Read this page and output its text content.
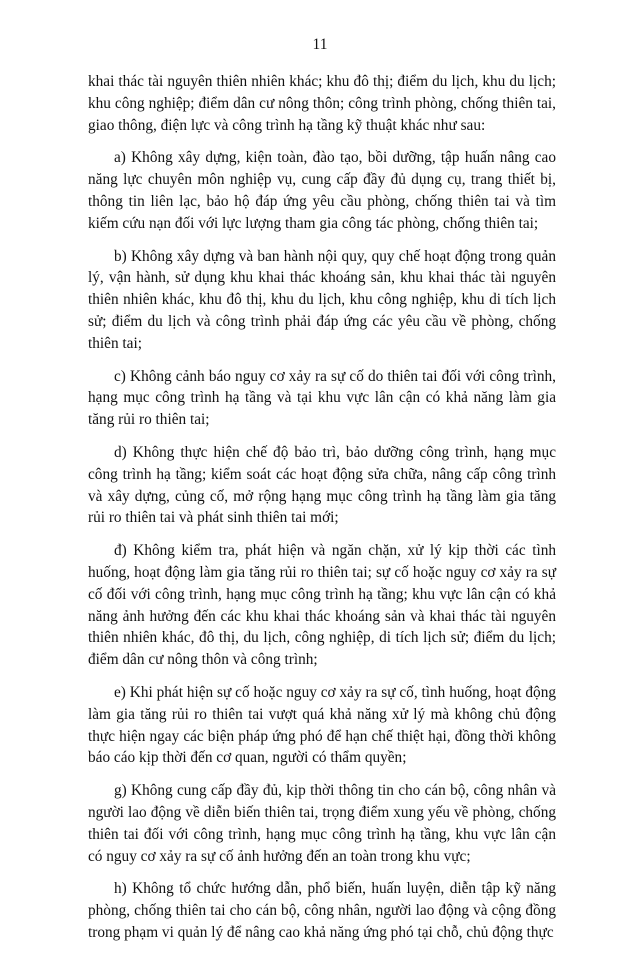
11

khai thác tài nguyên thiên nhiên khác; khu đô thị; điểm du lịch, khu du lịch; khu công nghiệp; điểm dân cư nông thôn; công trình phòng, chống thiên tai, giao thông, điện lực và công trình hạ tầng kỹ thuật khác như sau:

a) Không xây dựng, kiện toàn, đào tạo, bồi dưỡng, tập huấn nâng cao năng lực chuyên môn nghiệp vụ, cung cấp đầy đủ dụng cụ, trang thiết bị, thông tin liên lạc, bảo hộ đáp ứng yêu cầu phòng, chống thiên tai và tìm kiếm cứu nạn đối với lực lượng tham gia công tác phòng, chống thiên tai;

b) Không xây dựng và ban hành nội quy, quy chế hoạt động trong quản lý, vận hành, sử dụng khu khai thác khoáng sản, khu khai thác tài nguyên thiên nhiên khác, khu đô thị, khu du lịch, khu công nghiệp, khu di tích lịch sử; điểm du lịch và công trình phải đáp ứng các yêu cầu về phòng, chống thiên tai;

c) Không cảnh báo nguy cơ xảy ra sự cố do thiên tai đối với công trình, hạng mục công trình hạ tầng và tại khu vực lân cận có khả năng làm gia tăng rủi ro thiên tai;

d) Không thực hiện chế độ bảo trì, bảo dưỡng công trình, hạng mục công trình hạ tầng; kiểm soát các hoạt động sửa chữa, nâng cấp công trình và xây dựng, củng cố, mở rộng hạng mục công trình hạ tầng làm gia tăng rủi ro thiên tai và phát sinh thiên tai mới;

đ) Không kiểm tra, phát hiện và ngăn chặn, xử lý kịp thời các tình huống, hoạt động làm gia tăng rủi ro thiên tai; sự cố hoặc nguy cơ xảy ra sự cố đối với công trình, hạng mục công trình hạ tầng; khu vực lân cận có khả năng ảnh hưởng đến các khu khai thác khoáng sản và khai thác tài nguyên thiên nhiên khác, đô thị, du lịch, công nghiệp, di tích lịch sử; điểm du lịch; điểm dân cư nông thôn và công trình;

e) Khi phát hiện sự cố hoặc nguy cơ xảy ra sự cố, tình huống, hoạt động làm gia tăng rủi ro thiên tai vượt quá khả năng xử lý mà không chủ động thực hiện ngay các biện pháp ứng phó để hạn chế thiệt hại, đồng thời không báo cáo kịp thời đến cơ quan, người có thẩm quyền;

g) Không cung cấp đầy đủ, kịp thời thông tin cho cán bộ, công nhân và người lao động về diễn biến thiên tai, trọng điểm xung yếu về phòng, chống thiên tai đối với công trình, hạng mục công trình hạ tầng, khu vực lân cận có nguy cơ xảy ra sự cố ảnh hưởng đến an toàn trong khu vực;

h) Không tổ chức hướng dẫn, phổ biến, huấn luyện, diễn tập kỹ năng phòng, chống thiên tai cho cán bộ, công nhân, người lao động và cộng đồng trong phạm vi quản lý để nâng cao khả năng ứng phó tại chỗ, chủ động thực
